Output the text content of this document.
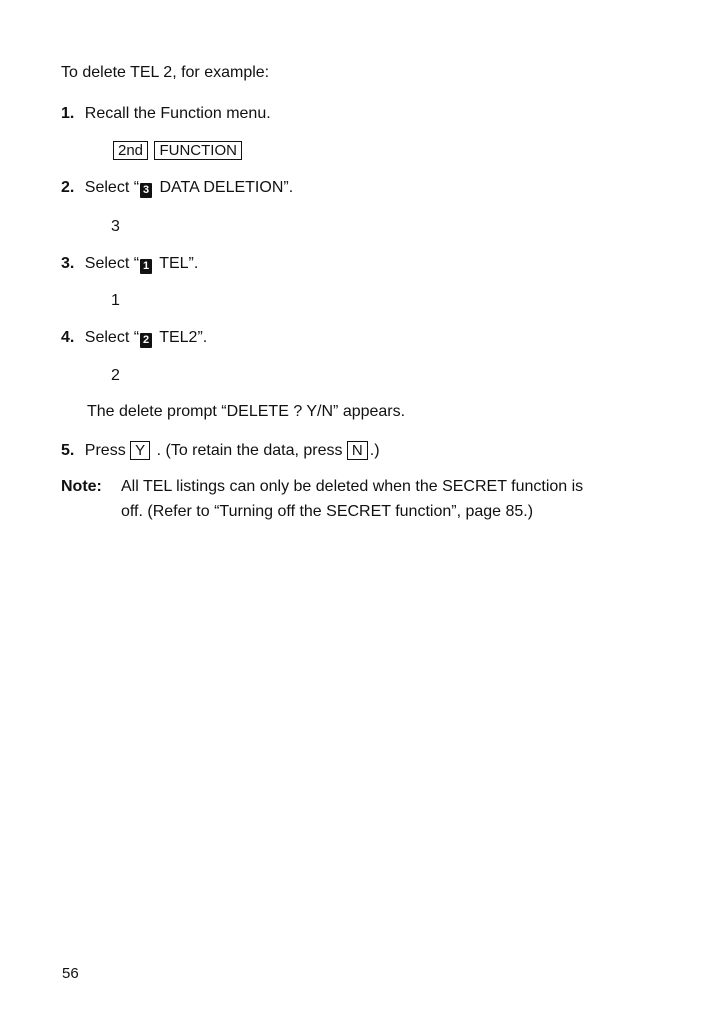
To delete TEL 2, for example:
1. Recall the Function menu.
2nd FUNCTION
2. Select “ 3 DATA DELETION”.
3
3. Select “ 1 TEL”.
1
4. Select “ 2 TEL2”.
2
The delete prompt “DELETE ? Y/N” appears.
5. Press Y . (To retain the data, press N .)
Note: All TEL listings can only be deleted when the SECRET function is
off. (Refer to “Turning off the SECRET function”, page 85.)
56
